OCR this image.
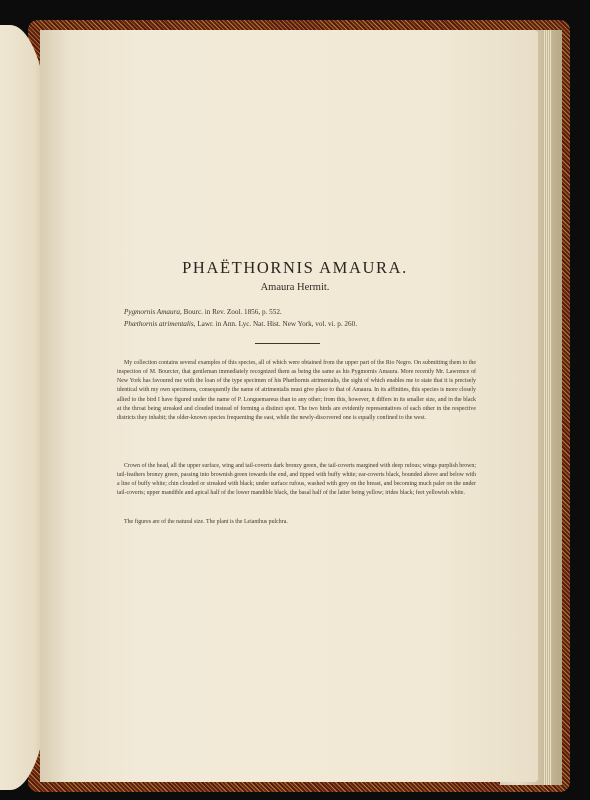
PHAËTHORNIS AMAURA.
Amaura Hermit.
Pygmornis Amaura, Bourc. in Rev. Zool. 1856, p. 552.
Phæthornis atrimentalis, Lawr. in Ann. Lyc. Nat. Hist. New York, vol. vi. p. 260.

My collection contains several examples of this species, all of which were obtained from the upper part of the Rio Negro. On submitting them to the inspection of M. Bourcier, that gentleman immediately recognized them as being the same as his Pygmornis Amaura. More recently Mr. Lawrence of New York has favoured me with the loan of the type specimen of his Phæthornis atrimentalis, the sight of which enables me to state that it is precisely identical with my own specimens, consequently the name of atrimentalis must give place to that of Amaura. In its affinities, this species is more closely allied to the bird I have figured under the name of P. Longuemareus than to any other; from this, however, it differs in its smaller size, and in the black at the throat being streaked and clouded instead of forming a distinct spot. The two birds are evidently representatives of each other in the respective districts they inhabit; the older-known species frequenting the east, while the newly-discovered one is equally confined to the west.

Crown of the head, all the upper surface, wing and tail-coverts dark bronzy green, the tail-coverts margined with deep rufous; wings purplish brown; tail-feathers bronzy green, passing into brownish green towards the end, and tipped with buffy white; ear-coverts black, bounded above and below with a line of buffy white; chin clouded or streaked with black; under surface rufous, washed with grey on the breast, and becoming much paler on the under tail-coverts; upper mandible and apical half of the lower mandible black, the basal half of the latter being yellow; irides black; feet yellowish white.

The figures are of the natural size. The plant is the Leianthus pulchra.
